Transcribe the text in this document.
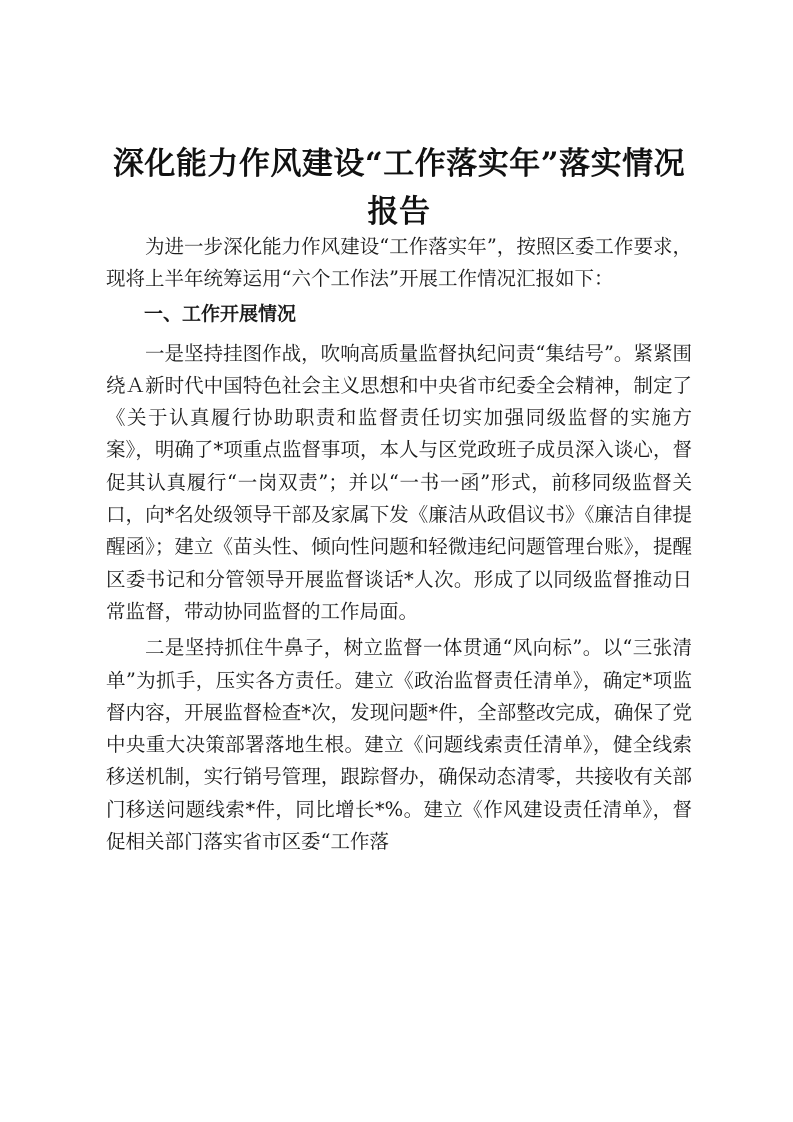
深化能力作风建设“工作落实年”落实情况报告

为进一步深化能力作风建设“工作落实年”，按照区委工作要求，现将上半年统筹运用“六个工作法”开展工作情况汇报如下：

一、工作开展情况

一是坚持挂图作战，吹响高质量监督执纪问责“集结号”。紧紧围绕Ａ新时代中国特色社会主义思想和中央省市纪委全会精神，制定了《关于认真履行协助职责和监督责任切实加强同级监督的实施方案》，明确了*项重点监督事项，本人与区党政班子成员深入谈心，督促其认真履行“一岗双责”；并以“一书一函”形式，前移同级监督关口，向*名处级领导干部及家属下发《廉洁从政倡议书》《廉洁自律提醒函》；建立《苗头性、倾向性问题和轻微违纪问题管理台账》，提醒区委书记和分管领导开展监督谈话*人次。形成了以同级监督推动日常监督，带动协同监督的工作局面。

二是坚持抓住牛鼻子，树立监督一体贯通“风向标”。以“三张清单”为抓手，压实各方责任。建立《政治监督责任清单》，确定*项监督内容，开展监督检查*次，发现问题*件，全部整改完成，确保了党中央重大决策部署落地生根。建立《问题线索责任清单》，健全线索移送机制，实行销号管理，跟踪督办，确保动态清零，共接收有关部门移送问题线索*件，同比增长*%。建立《作风建设责任清单》，督促相关部门落实省市区委“工作落
